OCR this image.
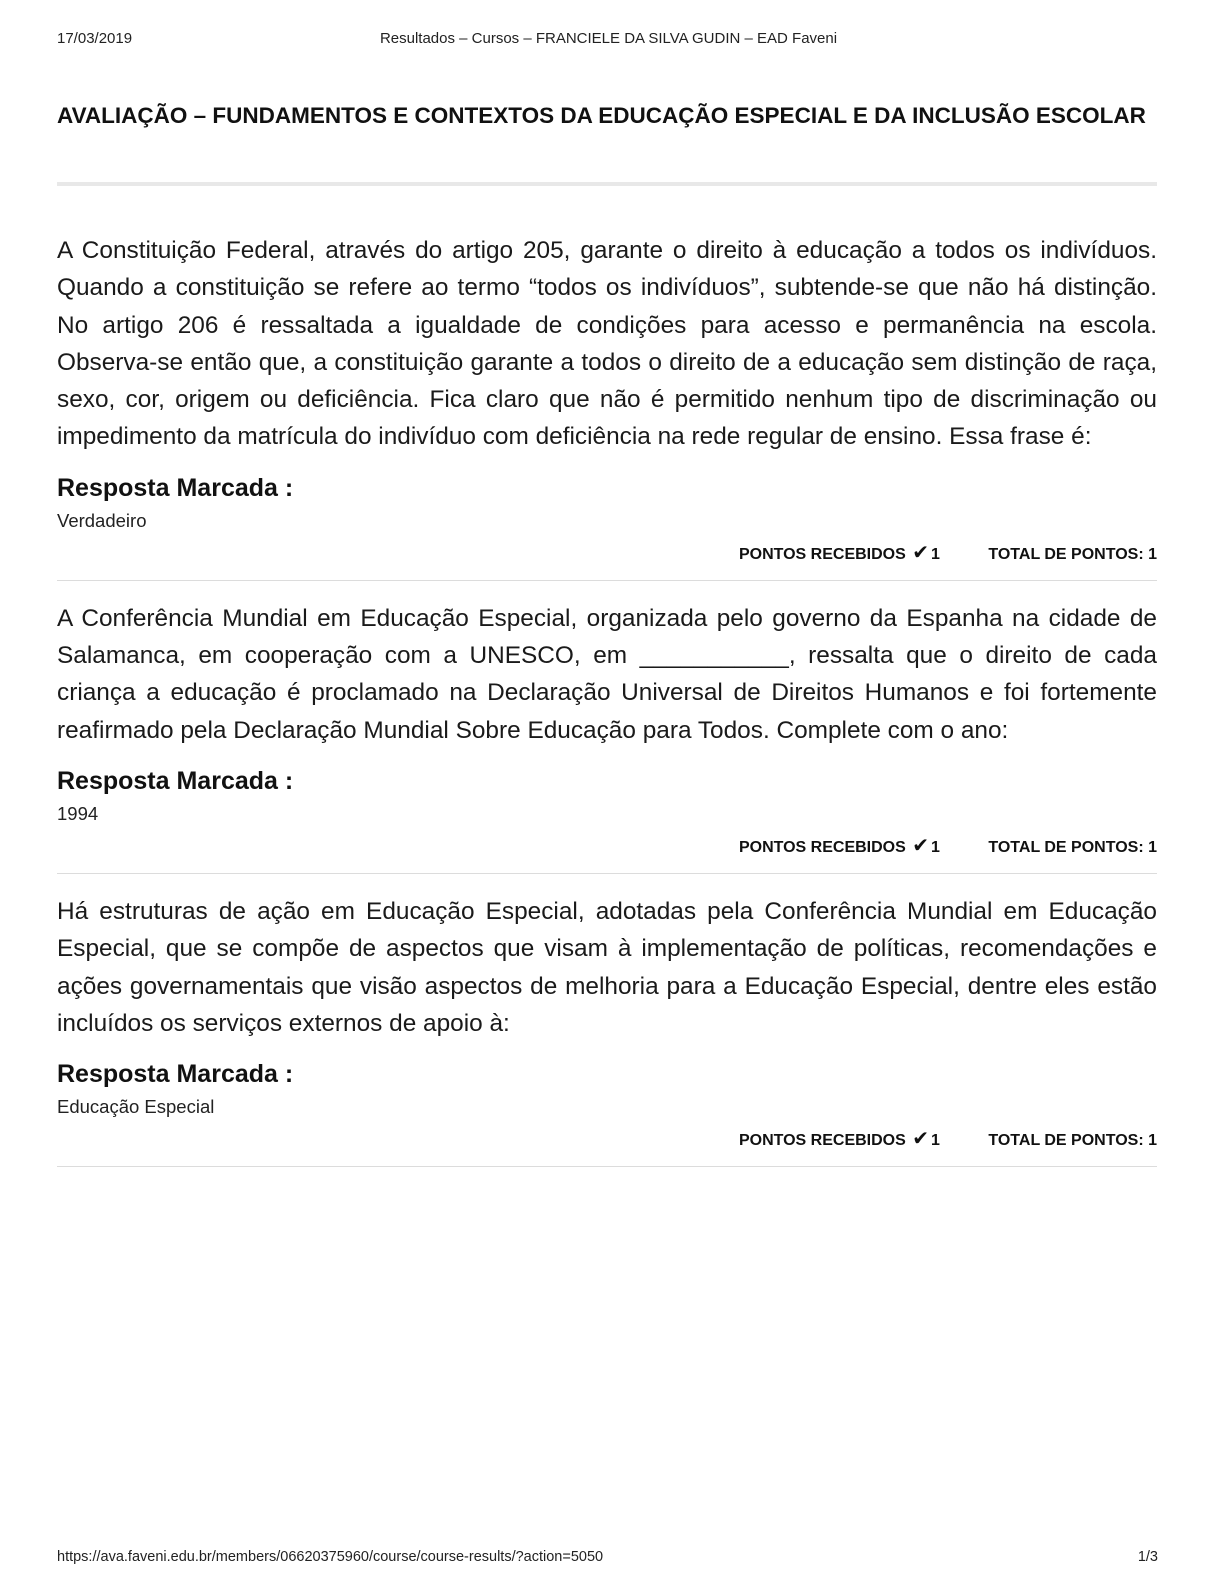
17/03/2019	Resultados – Cursos – FRANCIELE DA SILVA GUDIN – EAD Faveni
AVALIAÇÃO – FUNDAMENTOS E CONTEXTOS DA EDUCAÇÃO ESPECIAL E DA INCLUSÃO ESCOLAR

A Constituição Federal, através do artigo 205, garante o direito à educação a todos os indivíduos. Quando a constituição se refere ao termo “todos os indivíduos”, subtende-se que não há distinção. No artigo 206 é ressaltada a igualdade de condições para acesso e permanência na escola. Observa-se então que, a constituição garante a todos o direito de a educação sem distinção de raça, sexo, cor, origem ou deficiência. Fica claro que não é permitido nenhum tipo de discriminação ou impedimento da matrícula do indivíduo com deficiência na rede regular de ensino. Essa frase é:

Resposta Marcada :
Verdadeiro
PONTOS RECEBIDOS ✔ 1	TOTAL DE PONTOS: 1

A Conferência Mundial em Educação Especial, organizada pelo governo da Espanha na cidade de Salamanca, em cooperação com a UNESCO, em ___________, ressalta que o direito de cada criança a educação é proclamado na Declaração Universal de Direitos Humanos e foi fortemente reafirmado pela Declaração Mundial Sobre Educação para Todos. Complete com o ano:

Resposta Marcada :
1994
PONTOS RECEBIDOS ✔ 1	TOTAL DE PONTOS: 1

Há estruturas de ação em Educação Especial, adotadas pela Conferência Mundial em Educação Especial, que se compõe de aspectos que visam à implementação de políticas, recomendações e ações governamentais que visão aspectos de melhoria para a Educação Especial, dentre eles estão incluídos os serviços externos de apoio à:

Resposta Marcada :
Educação Especial
PONTOS RECEBIDOS ✔ 1	TOTAL DE PONTOS: 1
https://ava.faveni.edu.br/members/06620375960/course/course-results/?action=5050	1/3
